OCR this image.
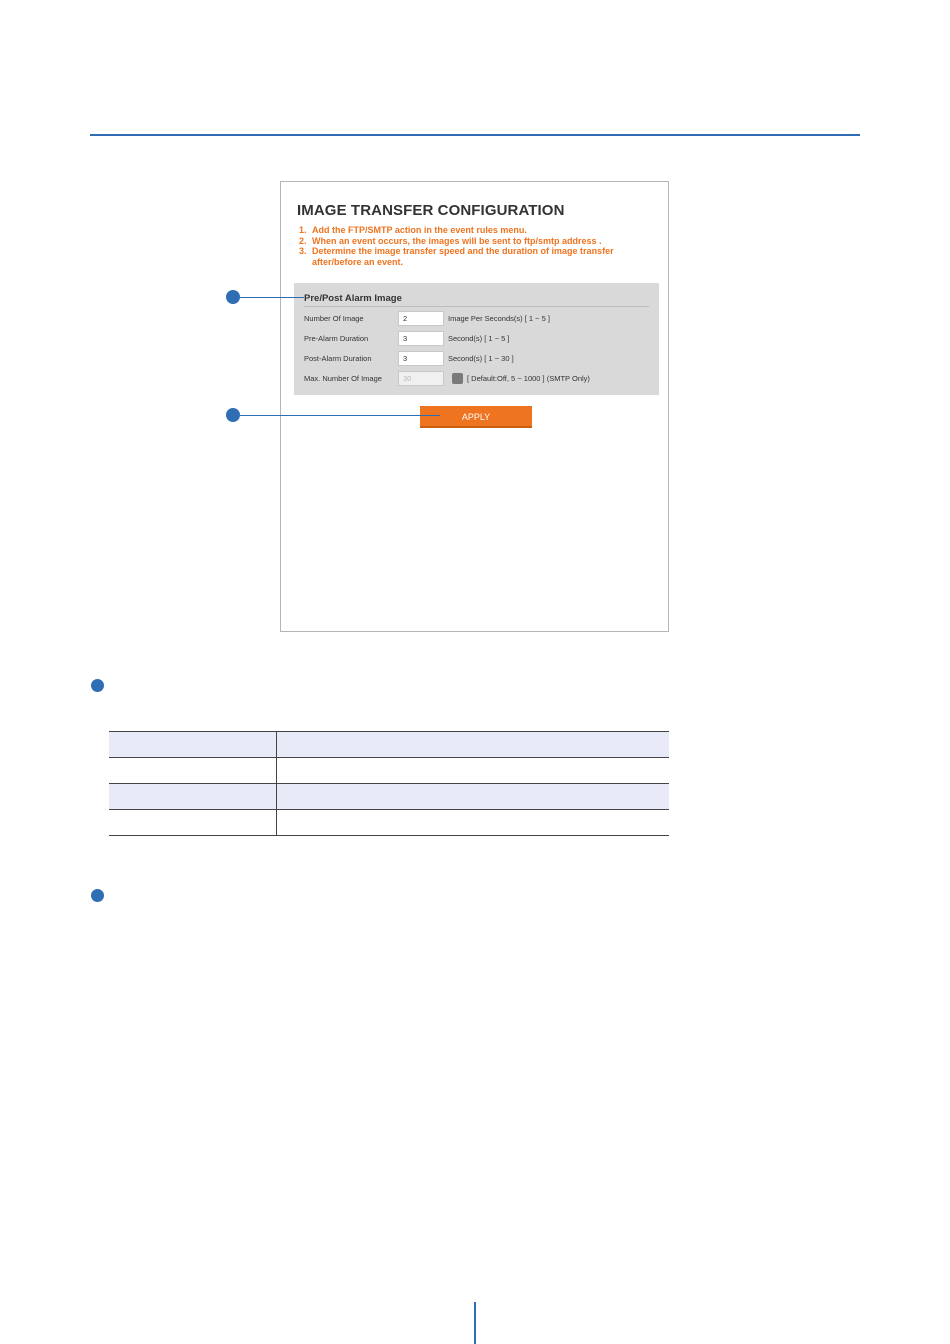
IMAGE TRANSFER CONFIGURATION
1. Add the FTP/SMTP action in the event rules menu.
2. When an event occurs, the images will be sent to ftp/smtp address .
3. Determine the image transfer speed and the duration of image transfer after/before an event.
Pre/Post Alarm Image
Number Of Image	2	Image Per Seconds(s) [ 1 ~ 5 ]
Pre-Alarm Duration	3	Second(s) [ 1 ~ 5 ]
Post-Alarm Duration	3	Second(s) [ 1 ~ 30 ]
Max. Number Of Image	30	[ Default:Off, 5 ~ 1000 ] (SMTP Only)
APPLY
